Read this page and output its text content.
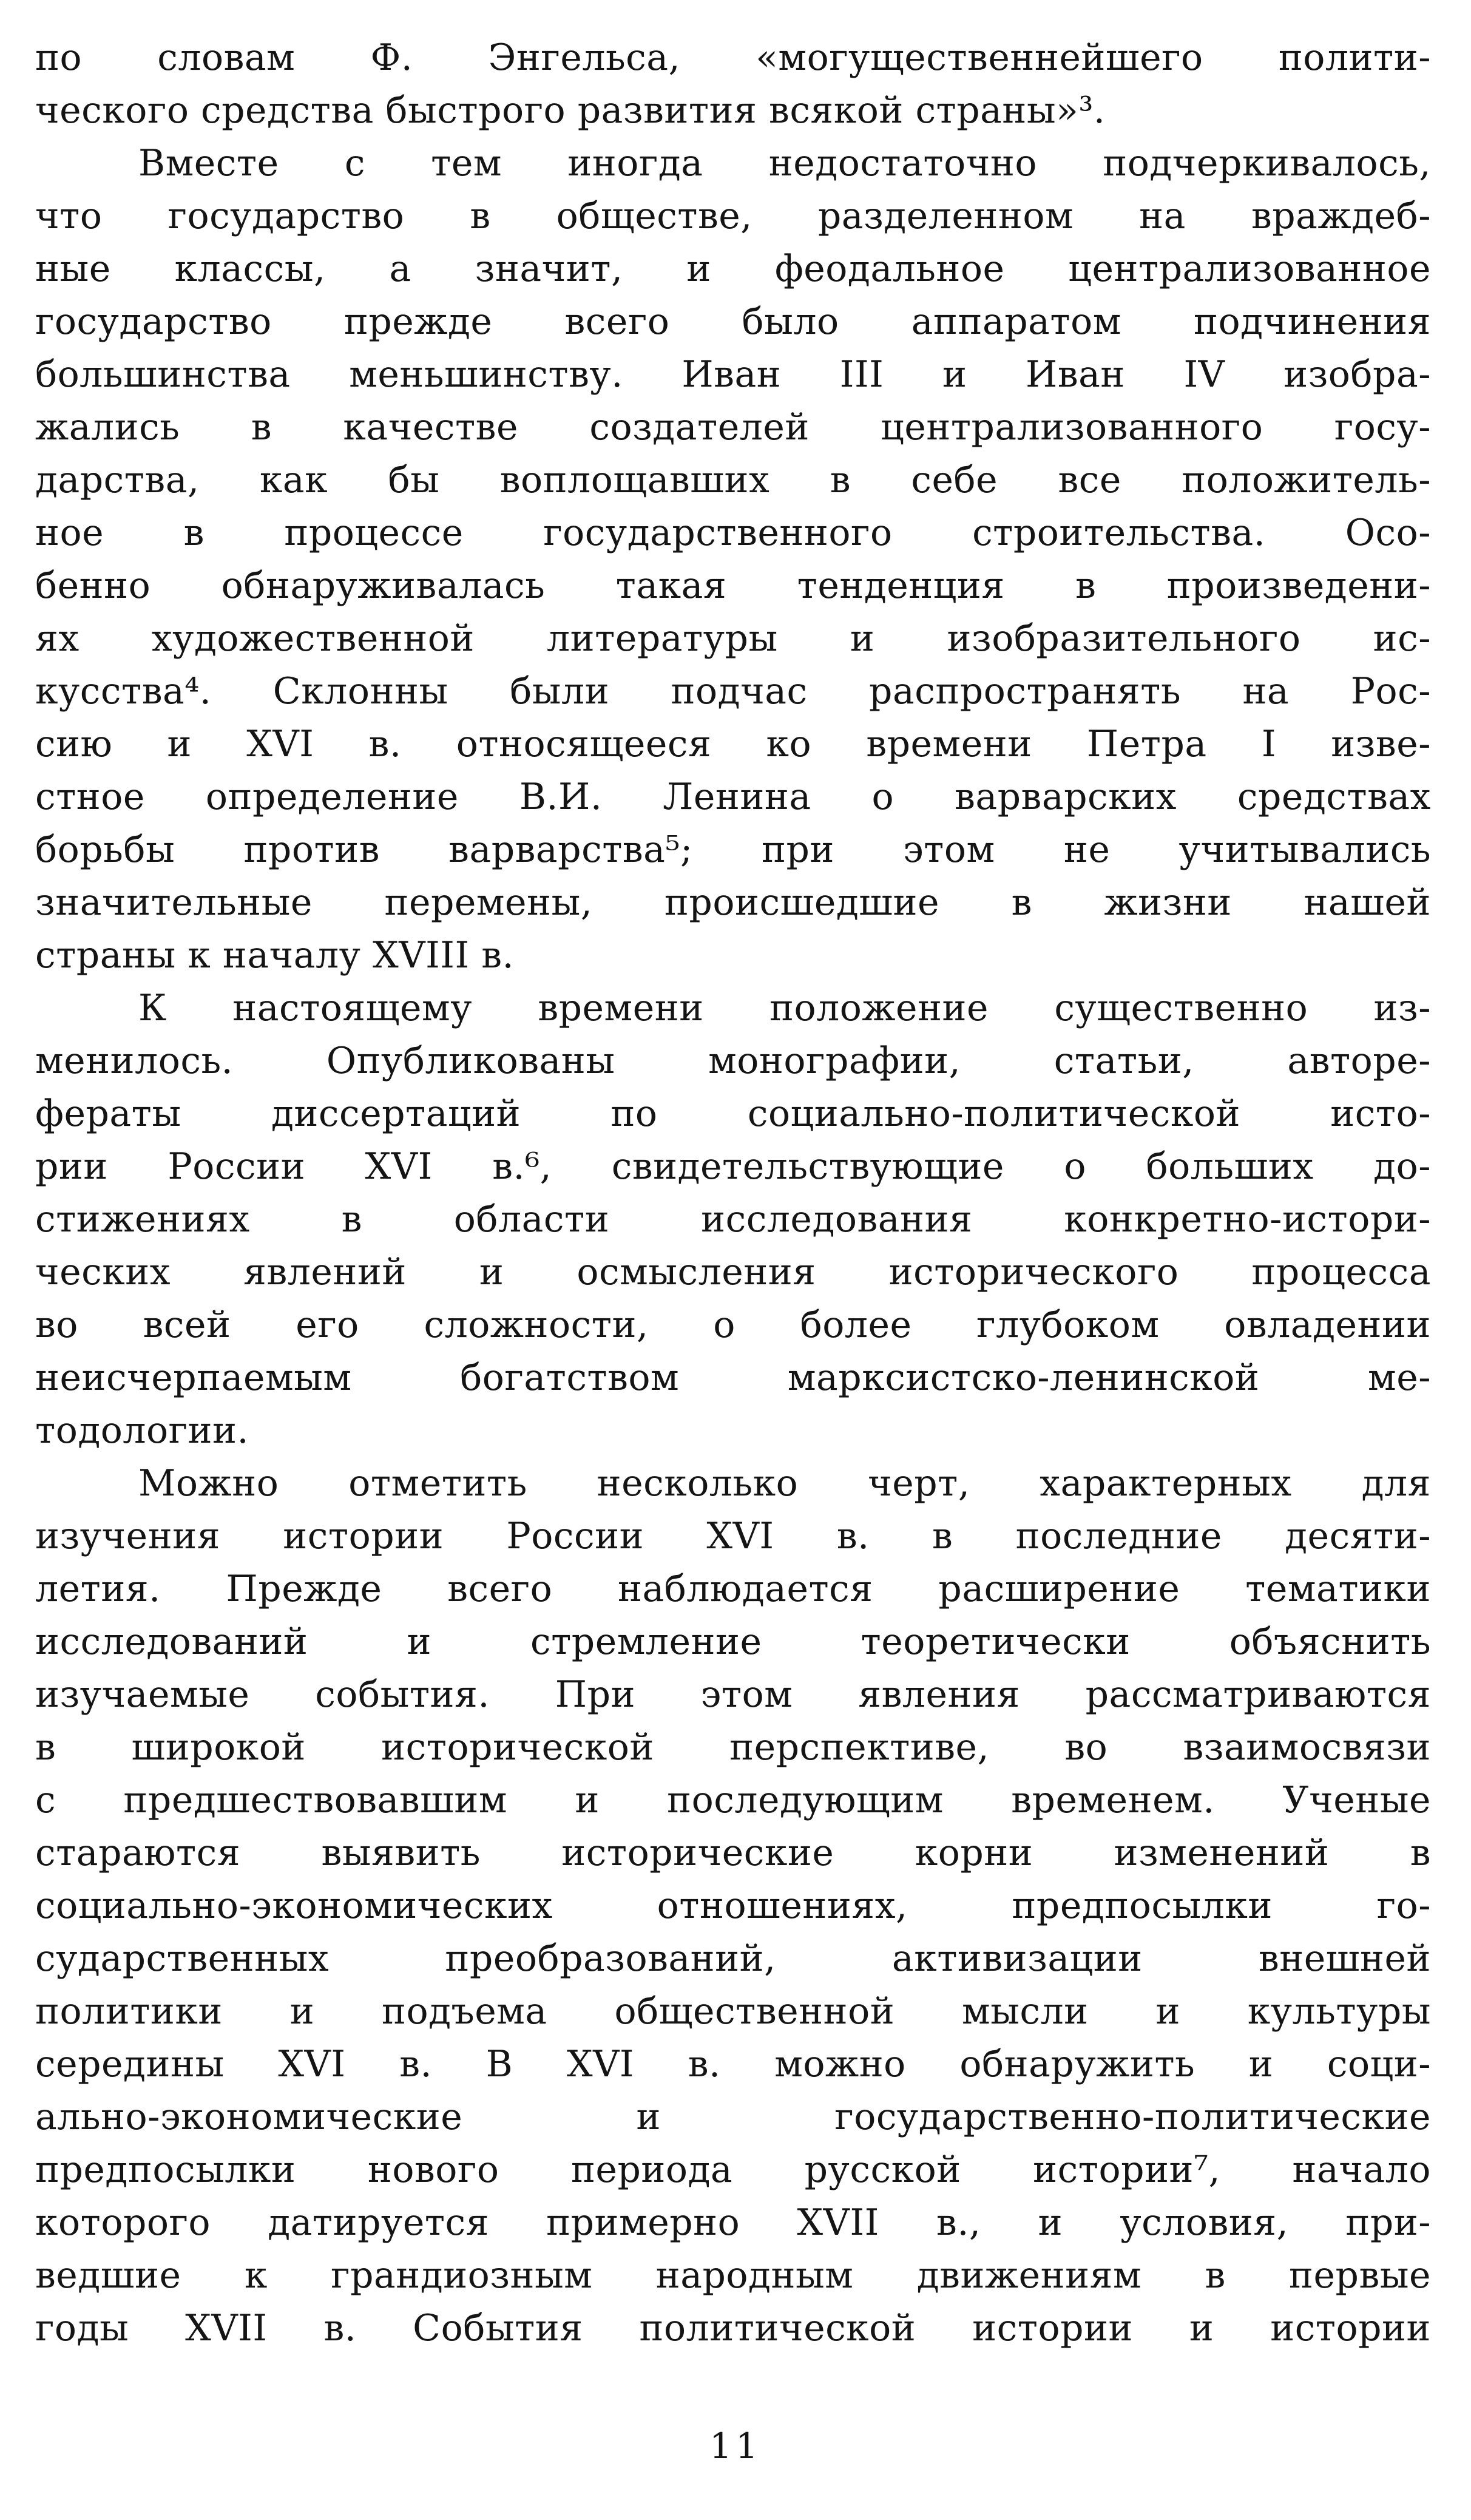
по словам Ф. Энгельса, «могущественнейшего полити-
ческого средства быстрого развития всякой страны»³.
Вместе с тем иногда недостаточно подчеркивалось,
что государство в обществе, разделенном на враждеб-
ные классы, а значит, и феодальное централизованное
государство прежде всего было аппаратом подчинения
большинства меньшинству. Иван III и Иван IV изобра-
жались в качестве создателей централизованного госу-
дарства, как бы воплощавших в себе все положитель-
ное в процессе государственного строительства. Осо-
бенно обнаруживалась такая тенденция в произведени-
ях художественной литературы и изобразительного ис-
кусства⁴. Склонны были подчас распространять на Рос-
сию и XVI в. относящееся ко времени Петра I изве-
стное определение В.И. Ленина о варварских средствах
борьбы против варварства⁵; при этом не учитывались
значительные перемены, происшедшие в жизни нашей
страны к началу XVIII в.
К настоящему времени положение существенно из-
менилось. Опубликованы монографии, статьи, авторе-
фераты диссертаций по социально-политической исто-
рии России XVI в.⁶, свидетельствующие о больших до-
стижениях в области исследования конкретно-истори-
ческих явлений и осмысления исторического процесса
во всей его сложности, о более глубоком овладении
неисчерпаемым богатством марксистско-ленинской ме-
тодологии.
Можно отметить несколько черт, характерных для
изучения истории России XVI в. в последние десяти-
летия. Прежде всего наблюдается расширение тематики
исследований и стремление теоретически объяснить
изучаемые события. При этом явления рассматриваются
в широкой исторической перспективе, во взаимосвязи
с предшествовавшим и последующим временем. Ученые
стараются выявить исторические корни изменений в
социально-экономических отношениях, предпосылки го-
сударственных преобразований, активизации внешней
политики и подъема общественной мысли и культуры
середины XVI в. В XVI в. можно обнаружить и соци-
ально-экономические и государственно-политические
предпосылки нового периода русской истории⁷, начало
которого датируется примерно XVII в., и условия, при-
ведшие к грандиозным народным движениям в первые
годы XVII в. События политической истории и истории
11
